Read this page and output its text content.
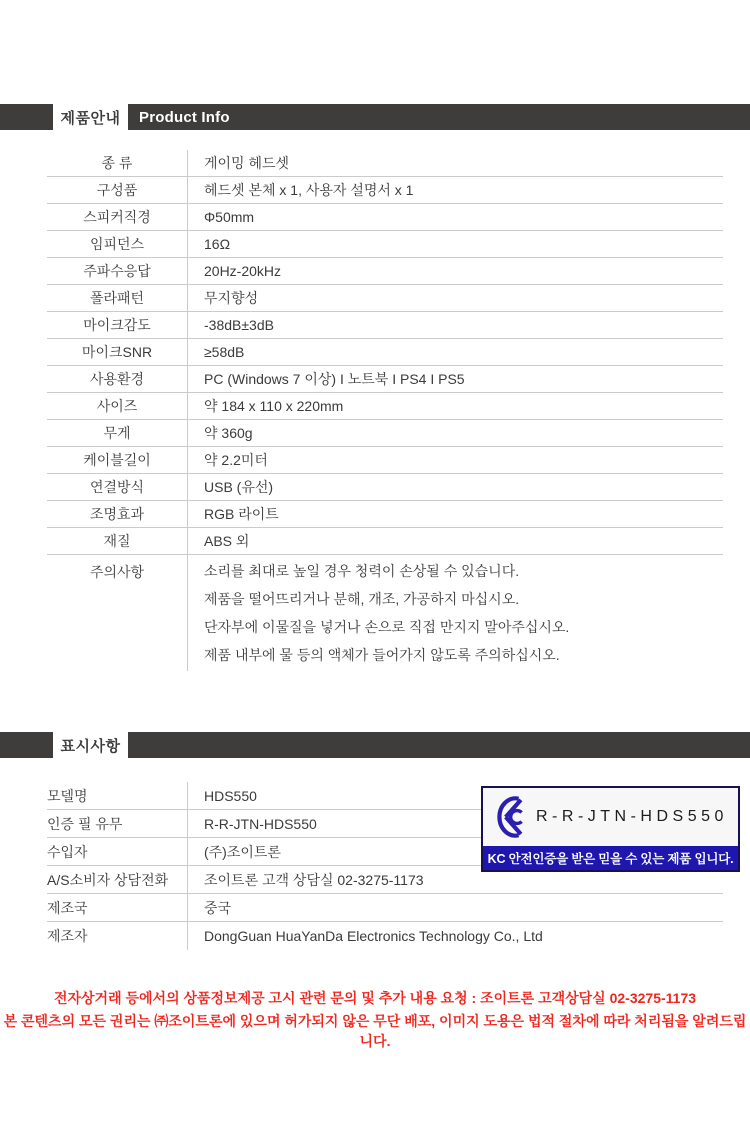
제품안내	Product Info
종 류	게이밍 헤드셋
구성품	헤드셋 본체 x 1, 사용자 설명서 x 1
스피커직경	Φ50mm
임피던스	16Ω
주파수응답	20Hz-20kHz
폴라패턴	무지향성
마이크감도	-38dB±3dB
마이크SNR	≥58dB
사용환경	PC (Windows 7 이상) I 노트북 I PS4 I PS5
사이즈	약 184 x 110 x 220mm
무게	약 360g
케이블길이	약 2.2미터
연결방식	USB (유선)
조명효과	RGB 라이트
재질	ABS 외
주의사항	소리를 최대로 높일 경우 청력이 손상될 수 있습니다.
제품을 떨어뜨리거나 분해, 개조, 가공하지 마십시오.
단자부에 이물질을 넣거나 손으로 직접 만지지 말아주십시오.
제품 내부에 물 등의 액체가 들어가지 않도록 주의하십시오.
표시사항
모델명	HDS550
인증 필 유무	R-R-JTN-HDS550
수입자	(주)조이트론
A/S소비자 상담전화	조이트론 고객 상담실 02-3275-1173
제조국	중국
제조자	DongGuan HuaYanDa Electronics Technology Co., Ltd
R-R-JTN-HDS550
KC 안전인증을 받은 믿을 수 있는 제품 입니다.
전자상거래 등에서의 상품정보제공 고시 관련 문의 및 추가 내용 요청 : 조이트론 고객상담실 02-3275-1173
본 콘텐츠의 모든 권리는 ㈜조이트론에 있으며 허가되지 않은 무단 배포, 이미지 도용은 법적 절차에 따라 처리됨을 알려드립니다.
